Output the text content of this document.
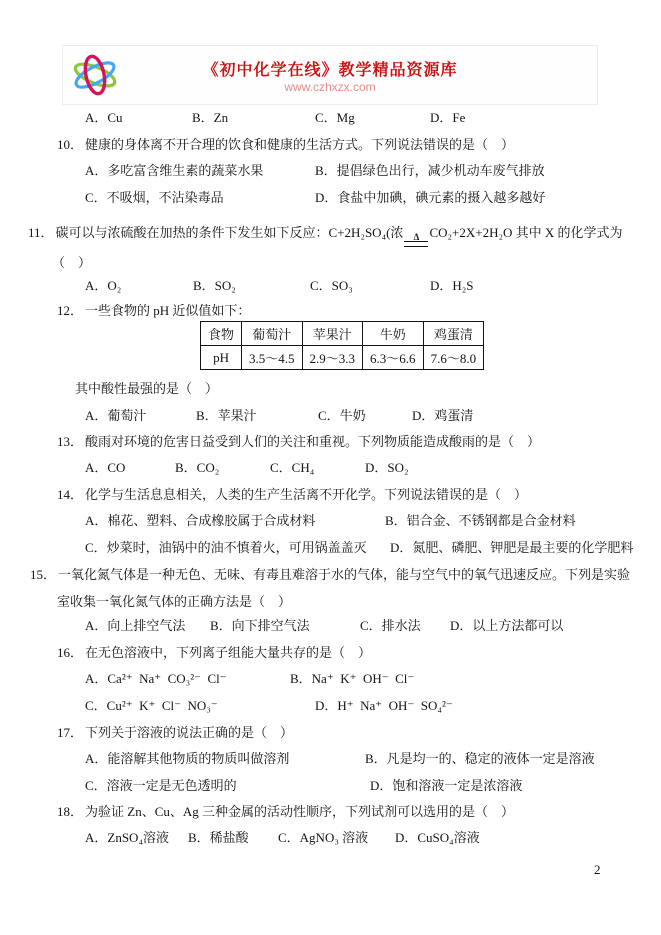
《初中化学在线》教学精品资源库
www.czhxzx.com
A．Cu	B．Zn	C．Mg	D．Fe
10． 健康的身体离不开合理的饮食和健康的生活方式。下列说法错误的是（　）
A．多吃富含维生素的蔬菜水果	B．提倡绿色出行，减少机动车废气排放
C．不吸烟，不沾染毒品	D．食盐中加碘，碘元素的摄入越多越好
11． 碳可以与浓硫酸在加热的条件下发生如下反应：C+2H₂SO₄(浓 Δ CO₂+2X+2H₂O 其中 X 的化学式为
（　）
A．O₂	B．SO₂	C．SO₃	D．H₂S
12． 一些食物的 pH 近似值如下：
食物	葡萄汁	苹果汁	牛奶	鸡蛋清
pH	3.5～4.5	2.9～3.3	6.3～6.6	7.6～8.0
其中酸性最强的是（　）
A．葡萄汁	B．苹果汁	C．牛奶	D．鸡蛋清
13． 酸雨对环境的危害日益受到人们的关注和重视。下列物质能造成酸雨的是（　）
A．CO	B．CO₂	C．CH₄	D．SO₂
14． 化学与生活息息相关，人类的生产生活离不开化学。下列说法错误的是（　）
A．棉花、塑料、合成橡胶属于合成材料	B．铝合金、不锈钢都是合金材料
C．炒菜时，油锅中的油不慎着火，可用锅盖盖灭 D．氮肥、磷肥、钾肥是最主要的化学肥料
15． 一氧化氮气体是一种无色、无味、有毒且难溶于水的气体，能与空气中的氧气迅速反应。下列是实验
室收集一氧化氮气体的正确方法是（　）
A．向上排空气法 B．向下排空气法	C．排水法 D．以上方法都可以
16． 在无色溶液中，下列离子组能大量共存的是（　）
A．Ca²⁺  Na⁺  CO₃²⁻  Cl⁻	B．Na⁺  K⁺  OH⁻  Cl⁻
C．Cu²⁺  K⁺  Cl⁻  NO₃⁻	D．H⁺  Na⁺  OH⁻  SO₄²⁻
17． 下列关于溶液的说法正确的是（　）
A．能溶解其他物质的物质叫做溶剂	B．凡是均一的、稳定的液体一定是溶液
C．溶液一定是无色透明的	D．饱和溶液一定是浓溶液
18． 为验证 Zn、Cu、Ag 三种金属的活动性顺序，下列试剂可以选用的是（　）
A．ZnSO₄溶液 B．稀盐酸 C．AgNO₃ 溶液 D．CuSO₄溶液
2
